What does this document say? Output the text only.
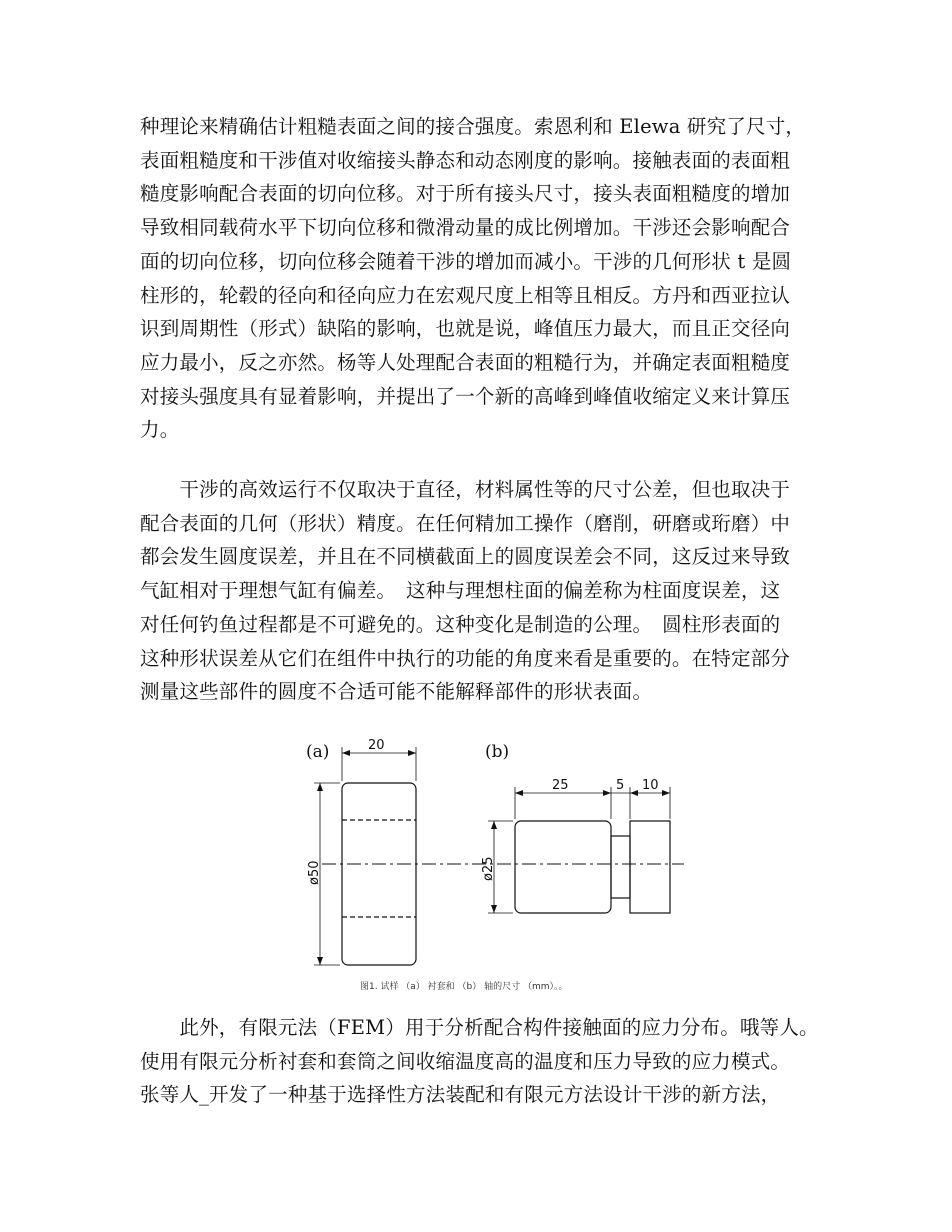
种理论来精确估计粗糙表面之间的接合强度。索恩利和 Elewa 研究了尺寸，
表面粗糙度和干涉值对收缩接头静态和动态刚度的影响。接触表面的表面粗
糙度影响配合表面的切向位移。对于所有接头尺寸，接头表面粗糙度的增加
导致相同载荷水平下切向位移和微滑动量的成比例增加。干涉还会影响配合
面的切向位移，切向位移会随着干涉的增加而减小。干涉的几何形状 t 是圆
柱形的，轮毂的径向和径向应力在宏观尺度上相等且相反。方丹和西亚拉认
识到周期性（形式）缺陷的影响，也就是说，峰值压力最大，而且正交径向
应力最小，反之亦然。杨等人处理配合表面的粗糙行为，并确定表面粗糙度
对接头强度具有显着影响，并提出了一个新的高峰到峰值收缩定义来计算压
力。
　　干涉的高效运行不仅取决于直径，材料属性等的尺寸公差，但也取决于
配合表面的几何（形状）精度。在任何精加工操作（磨削，研磨或珩磨）中
都会发生圆度误差，并且在不同横截面上的圆度误差会不同，这反过来导致
气缸相对于理想气缸有偏差。　这种与理想柱面的偏差称为柱面度误差，这
对任何钓鱼过程都是不可避免的。这种变化是制造的公理。　圆柱形表面的
这种形状误差从它们在组件中执行的功能的角度来看是重要的。在特定部分
测量这些部件的圆度不合适可能不能解释部件的形状表面。
(a)	(b)
20
ø50
25	5 10
ø25
图1. 试样 （a） 衬套和 （b） 轴的尺寸 （mm）。。
　　此外，有限元法（FEM）用于分析配合构件接触面的应力分布。哦等人。
使用有限元分析衬套和套筒之间收缩温度高的温度和压力导致的应力模式。
张等人_开发了一种基于选择性方法装配和有限元方法设计干涉的新方法，
